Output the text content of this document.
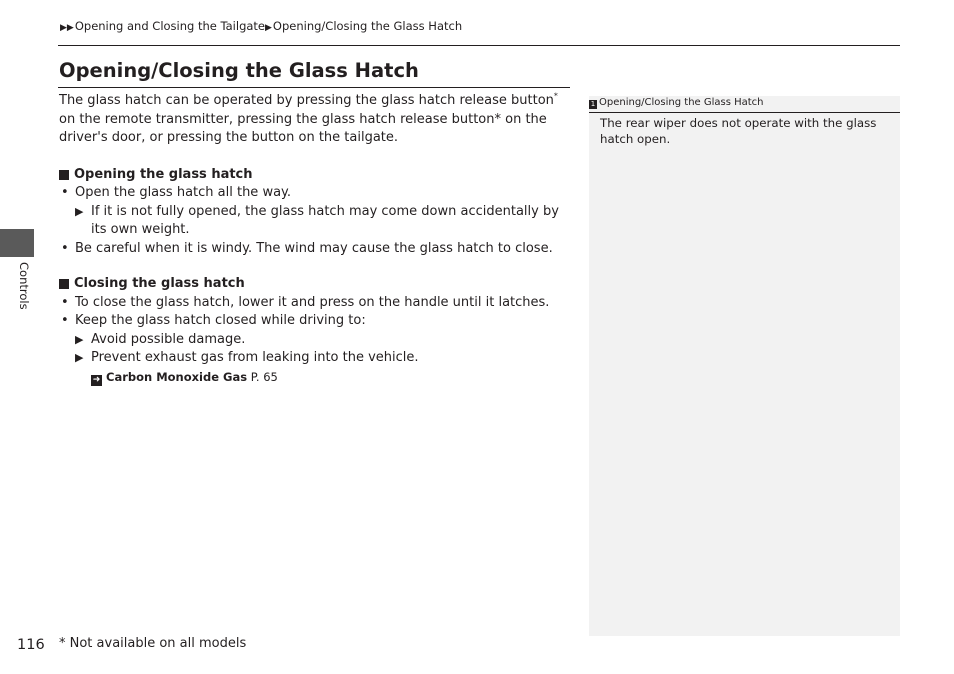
▶▶Opening and Closing the Tailgate▶Opening/Closing the Glass Hatch
Controls
Opening/Closing the Glass Hatch

The glass hatch can be operated by pressing the glass hatch release button* on the remote transmitter, pressing the glass hatch release button* on the driver's door, or pressing the button on the tailgate.

Opening the glass hatch

• Open the glass hatch all the way.

▶ If it is not fully opened, the glass hatch may come down accidentally by its own weight.

• Be careful when it is windy. The wind may cause the glass hatch to close.

Closing the glass hatch

• To close the glass hatch, lower it and press on the handle until it latches.

• Keep the glass hatch closed while driving to:

▶ Avoid possible damage.

▶ Prevent exhaust gas from leaking into the vehicle.

➜ Carbon Monoxide Gas P. 65

1 Opening/Closing the Glass Hatch

The rear wiper does not operate with the glass hatch open.

116 * Not available on all models
